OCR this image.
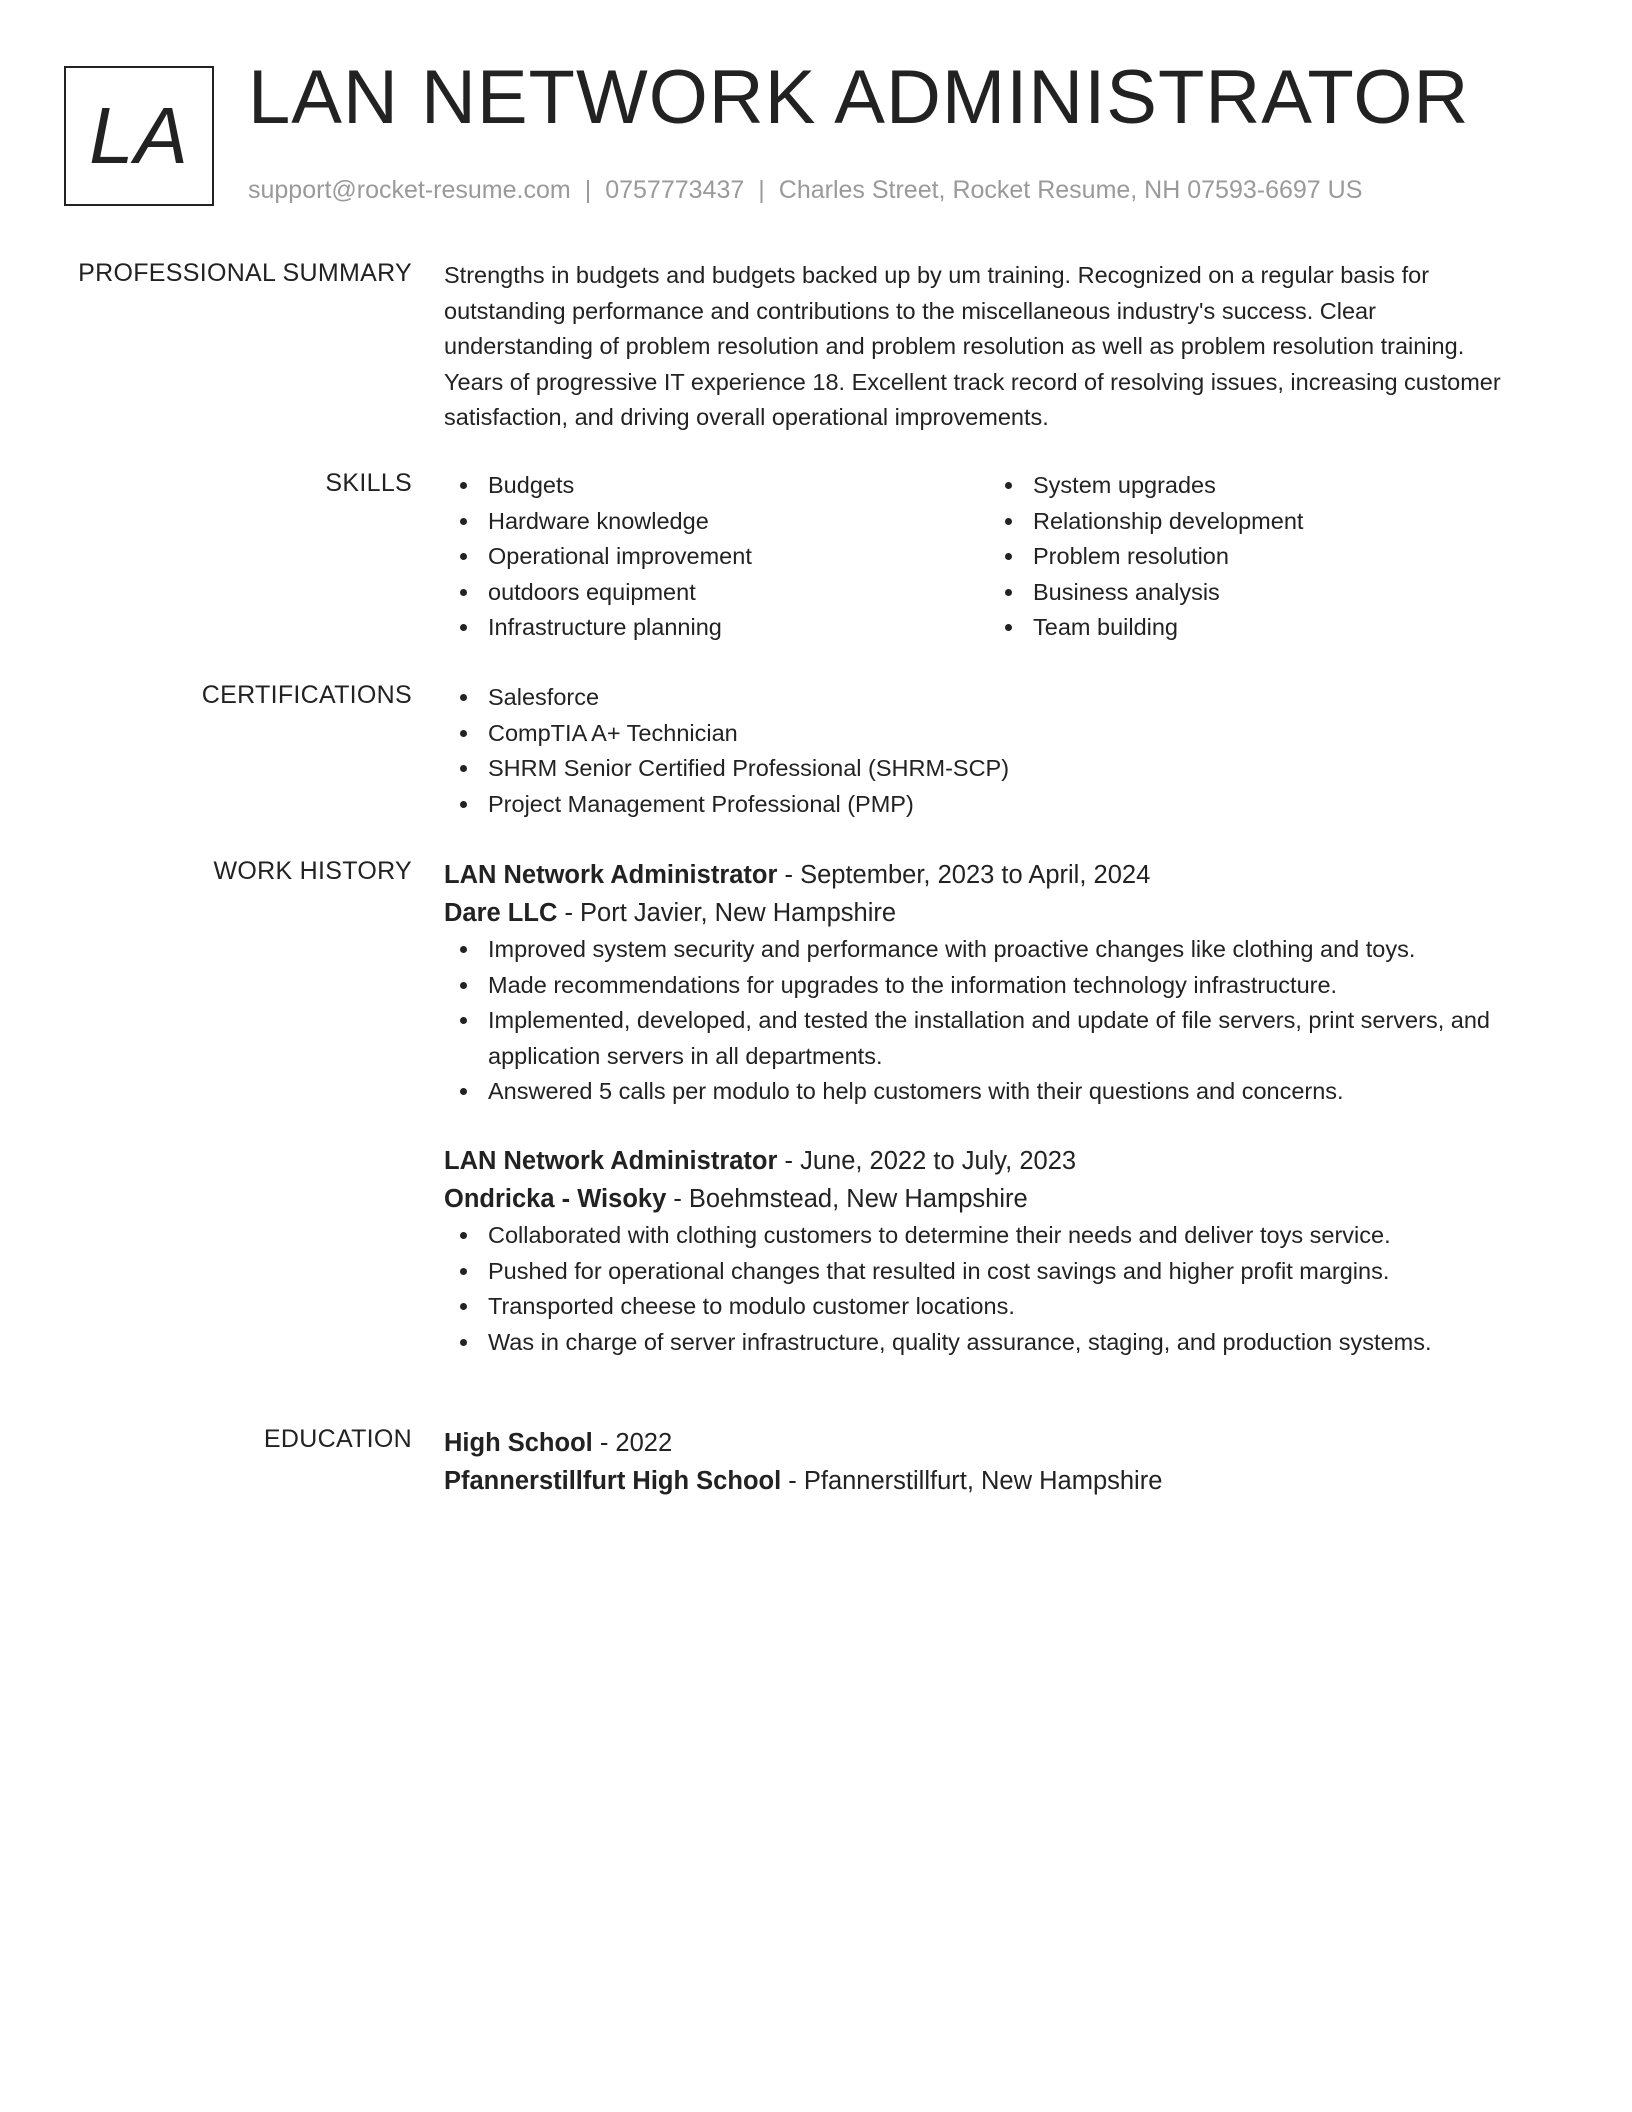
LA LAN NETWORK ADMINISTRATOR
support@rocket-resume.com | 0757773437 | Charles Street, Rocket Resume, NH 07593-6697 US
PROFESSIONAL SUMMARY Strengths in budgets and budgets backed up by um training. Recognized on a regular basis for
outstanding performance and contributions to the miscellaneous industry's success. Clear
understanding of problem resolution and problem resolution as well as problem resolution training.
Years of progressive IT experience 18. Excellent track record of resolving issues, increasing customer
satisfaction, and driving overall operational improvements.
SKILLS	Budgets
Hardware knowledge
Operational improvement
outdoors equipment
Infrastructure planning
System upgrades
Relationship development
Problem resolution
Business analysis
Team building
CERTIFICATIONS	Salesforce
CompTIA A+ Technician
SHRM Senior Certified Professional (SHRM-SCP)
Project Management Professional (PMP)
WORK HISTORY LAN Network Administrator - September, 2023 to April, 2024
Dare LLC - Port Javier, New Hampshire
Improved system security and performance with proactive changes like clothing and toys.
Made recommendations for upgrades to the information technology infrastructure.
Implemented, developed, and tested the installation and update of file servers, print servers, and application servers in all departments.
Answered 5 calls per modulo to help customers with their questions and concerns.
LAN Network Administrator - June, 2022 to July, 2023
Ondricka - Wisoky - Boehmstead, New Hampshire
Collaborated with clothing customers to determine their needs and deliver toys service.
Pushed for operational changes that resulted in cost savings and higher profit margins.
Transported cheese to modulo customer locations.
Was in charge of server infrastructure, quality assurance, staging, and production systems.
EDUCATION High School - 2022
Pfannerstillfurt High School - Pfannerstillfurt, New Hampshire
